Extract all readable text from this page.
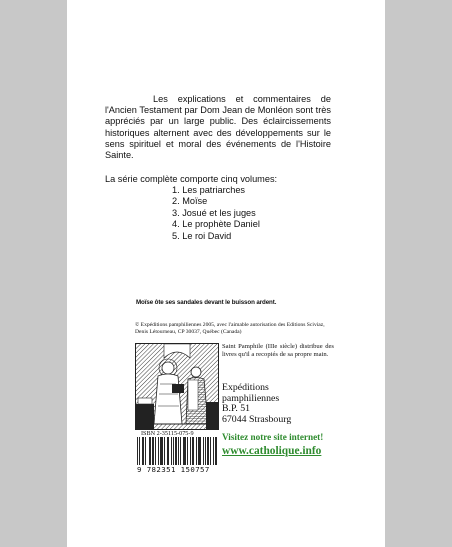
Les explications et commentaires de l'Ancien Testament par Dom Jean de Monléon sont très appréciés par un large public. Des éclaircissements historiques alternent avec des développements sur le sens spirituel et moral des événements de l'Histoire Sainte.
La série complète comporte cinq volumes:
1. Les patriarches
2. Moïse
3. Josué et les juges
4. Le prophète Daniel
5. Le roi David
Moïse ôte ses sandales devant le buisson ardent.
© Expéditions pamphiliennes 2005, avec l'aimable autorisation des Editions Sciviaz, Denis Létourneau, CP 30037, Québec (Canada)
ISBN 2-35115-075-9
9 782351 150757
Saint Pamphile (IIIe siècle) distribue des livres qu'il a recopiés de sa propre main.
Expéditions
pamphiliennes
B.P. 51
67044 Strasbourg
Visitez notre site internet!
www.catholique.info
